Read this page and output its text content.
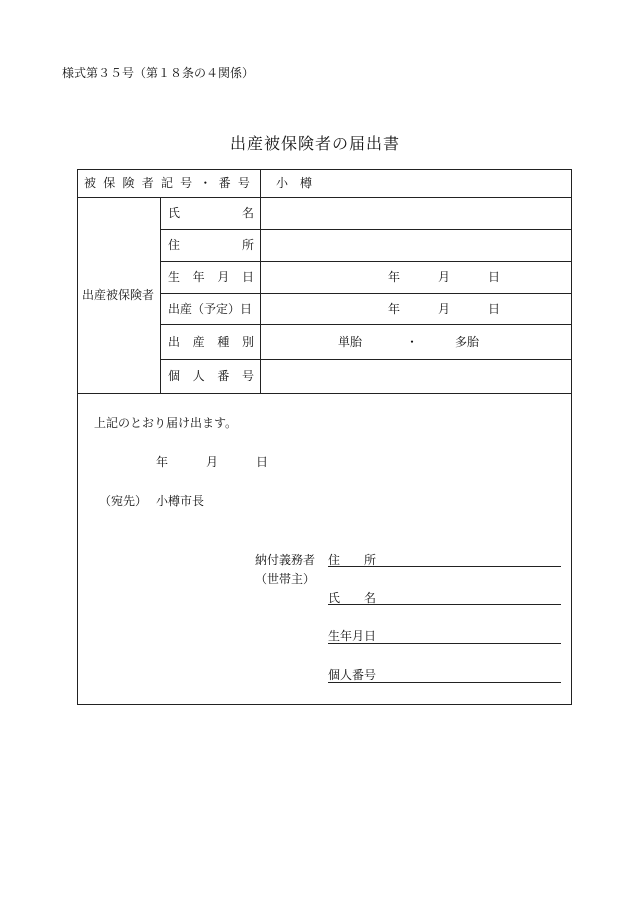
様式第３５号（第１８条の４関係）
出産被保険者の届出書
被 保 険 者 記 号 ・ 番 号 小　樽
出産被保険者
氏	名
住	所
生 年 月 日	年	月	日
出産（予定）日	年	月	日
出 産 種 別	単胎	・	多胎
個 人 番 号
上記のとおり届け出ます。
年	月	日
（宛先） 小樽市長
納付義務者
（世帯主）
住　　所
氏　　名
生年月日
個人番号
